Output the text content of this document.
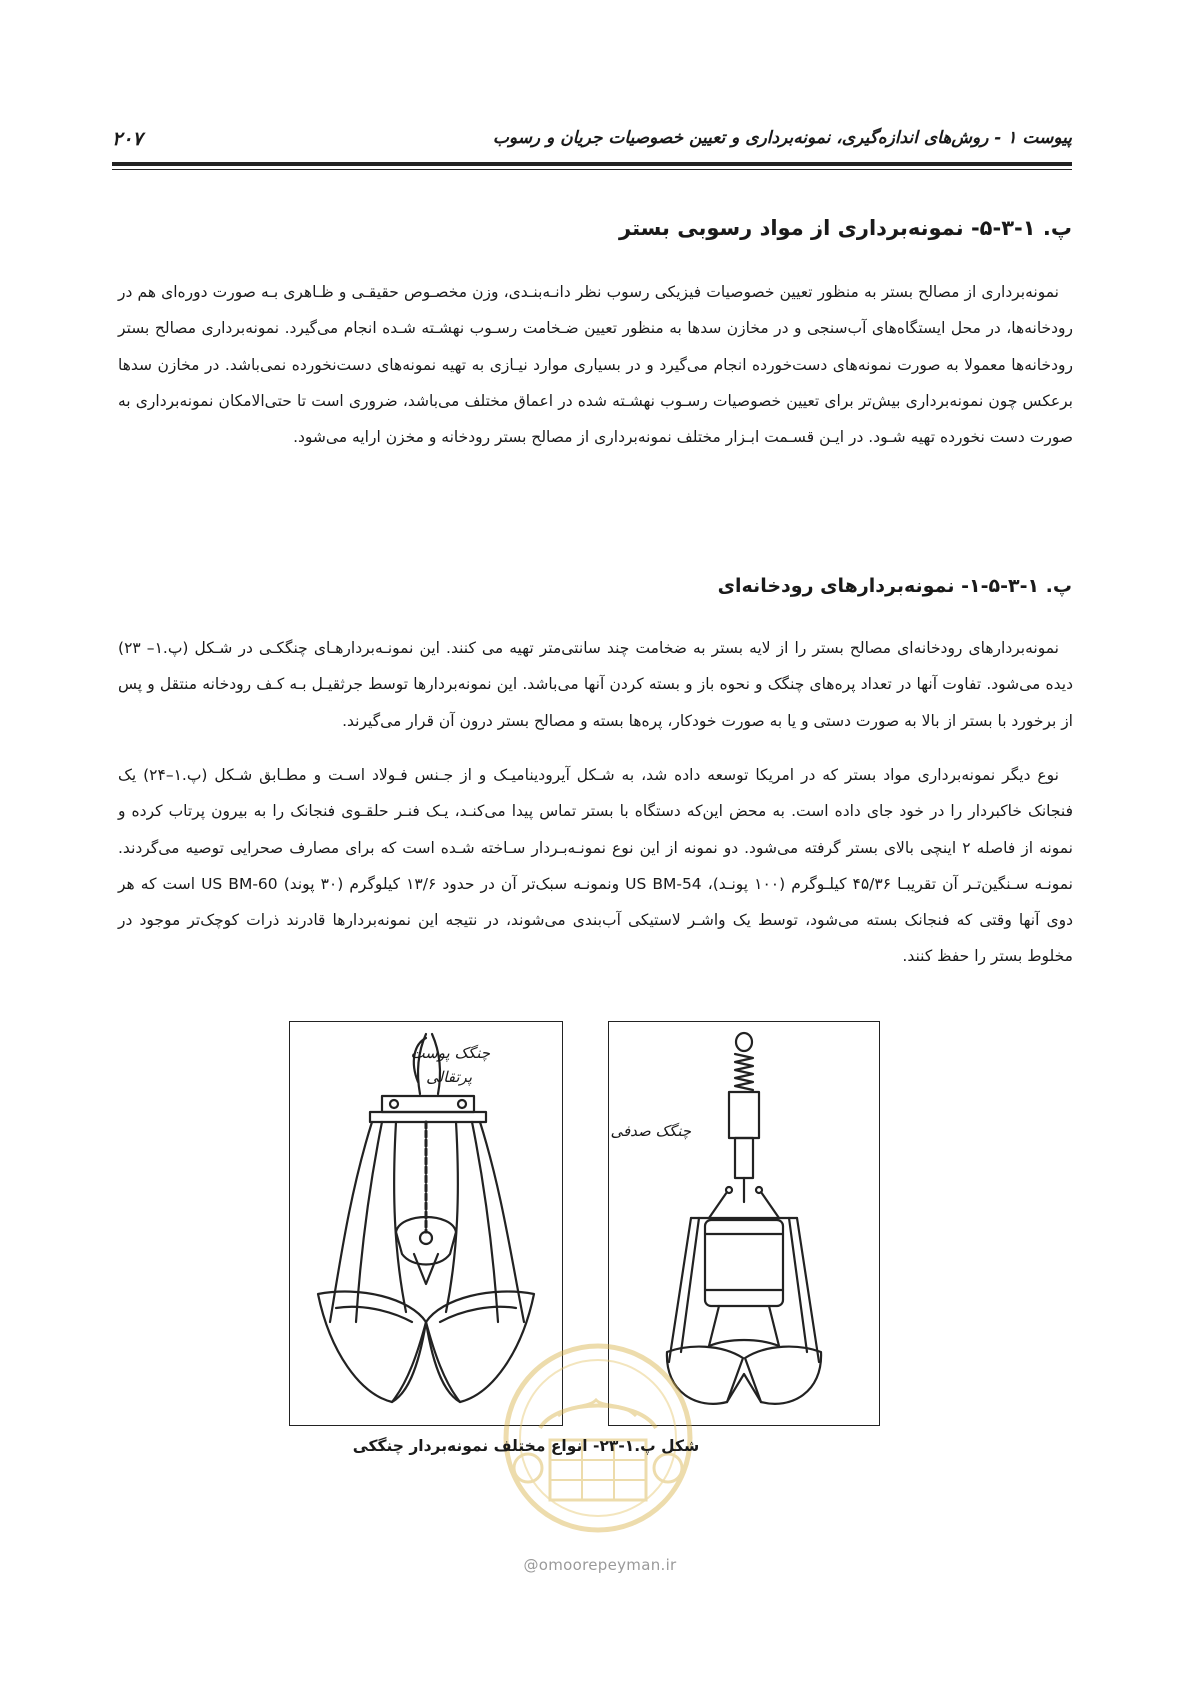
پیوست ۱ - روش‌های اندازه‌گیری، نمونه‌برداری و تعیین خصوصیات جریان و رسوب
۲۰۷
پ. ۱-۳-۵- نمونه‌برداری از مواد رسوبی بستر
نمونه‌برداری از مصالح بستر به منظور تعیین خصوصیات فیزیکی رسوب نظر دانـه‌بنـدی، وزن مخصـوص حقیقـی و ظـاهری بـه صورت دوره‌ای هم در رودخانه‌ها، در محل ایستگاه‌های آب‌سنجی و در مخازن سدها به منظور تعیین ضـخامت رسـوب نهشـته شـده انجام می‌گیرد. نمونه‌برداری مصالح بستر رودخانه‌ها معمولا به صورت نمونه‌های دست‌خورده انجام می‌گیرد و در بسیاری موارد نیـازی به تهیه نمونه‌های دست‌نخورده نمی‌باشد. در مخازن سدها برعکس چون نمونه‌برداری بیش‌تر برای تعیین خصوصیات رسـوب نهشـته شده در اعماق مختلف می‌باشد، ضروری است تا حتی‌الامکان نمونه‌برداری به صورت دست نخورده تهیه شـود. در ایـن قسـمت ابـزار مختلف نمونه‌برداری از مصالح بستر رودخانه و مخزن ارایه می‌شود.
پ. ۱-۳-۵-۱- نمونه‌بردارهای رودخانه‌ای
نمونه‌بردارهای رودخانه‌ای مصالح بستر را از لایه بستر به ضخامت چند سانتی‌متر تهیه می کنند. این نمونـه‌بردارهـای چنگکـی در شـکل (پ.۱– ۲۳) دیده می‌شود. تفاوت آنها در تعداد پره‌های چنگک و نحوه باز و بسته کردن آنها می‌باشد. این نمونه‌بردارها توسط جرثقیـل بـه کـف رودخانه منتقل و پس از برخورد با بستر از بالا به صورت دستی و یا به صورت خودکار، پره‌ها بسته و مصالح بستر درون آن قرار می‌گیرند.
نوع دیگر نمونه‌برداری مواد بستر که در امریکا توسعه داده شد، به شـکل آیرودینامیـک و از جـنس فـولاد اسـت و مطـابق شـکل (پ.۱–۲۴) یک فنجانک خاکبردار را در خود جای داده است. به محض این‌که دستگاه با بستر تماس پیدا می‌کنـد، یـک فنـر حلقـوی فنجانک را به بیرون پرتاب کرده و نمونه از فاصله ۲ اینچی بالای بستر گرفته می‌شود. دو نمونه از این نوع نمونـه‌بـردار سـاخته شـده است که برای مصارف صحرایی توصیه می‌گردند. نمونـه سـنگین‌تـر آن تقریبـا ۴۵/۳۶ کیلـوگرم (۱۰۰ پونـد)، US BM-54 ونمونـه سبک‌تر آن در حدود ۱۳/۶ کیلوگرم (۳۰ پوند) US BM-60 است که هر دوی آنها وقتی که فنجانک بسته می‌شود، توسط یک واشـر لاستیکی آب‌بندی می‌شوند، در نتیجه این نمونه‌بردارها قادرند ذرات کوچک‌تر موجود در مخلوط بستر را حفظ کنند.
چنگک پوست
پرتقالی
چنگک صدفی
شکل پ.۱-۲۳- انواع مختلف نمونه‌بردار چنگکی
@omoorepeyman.ir
